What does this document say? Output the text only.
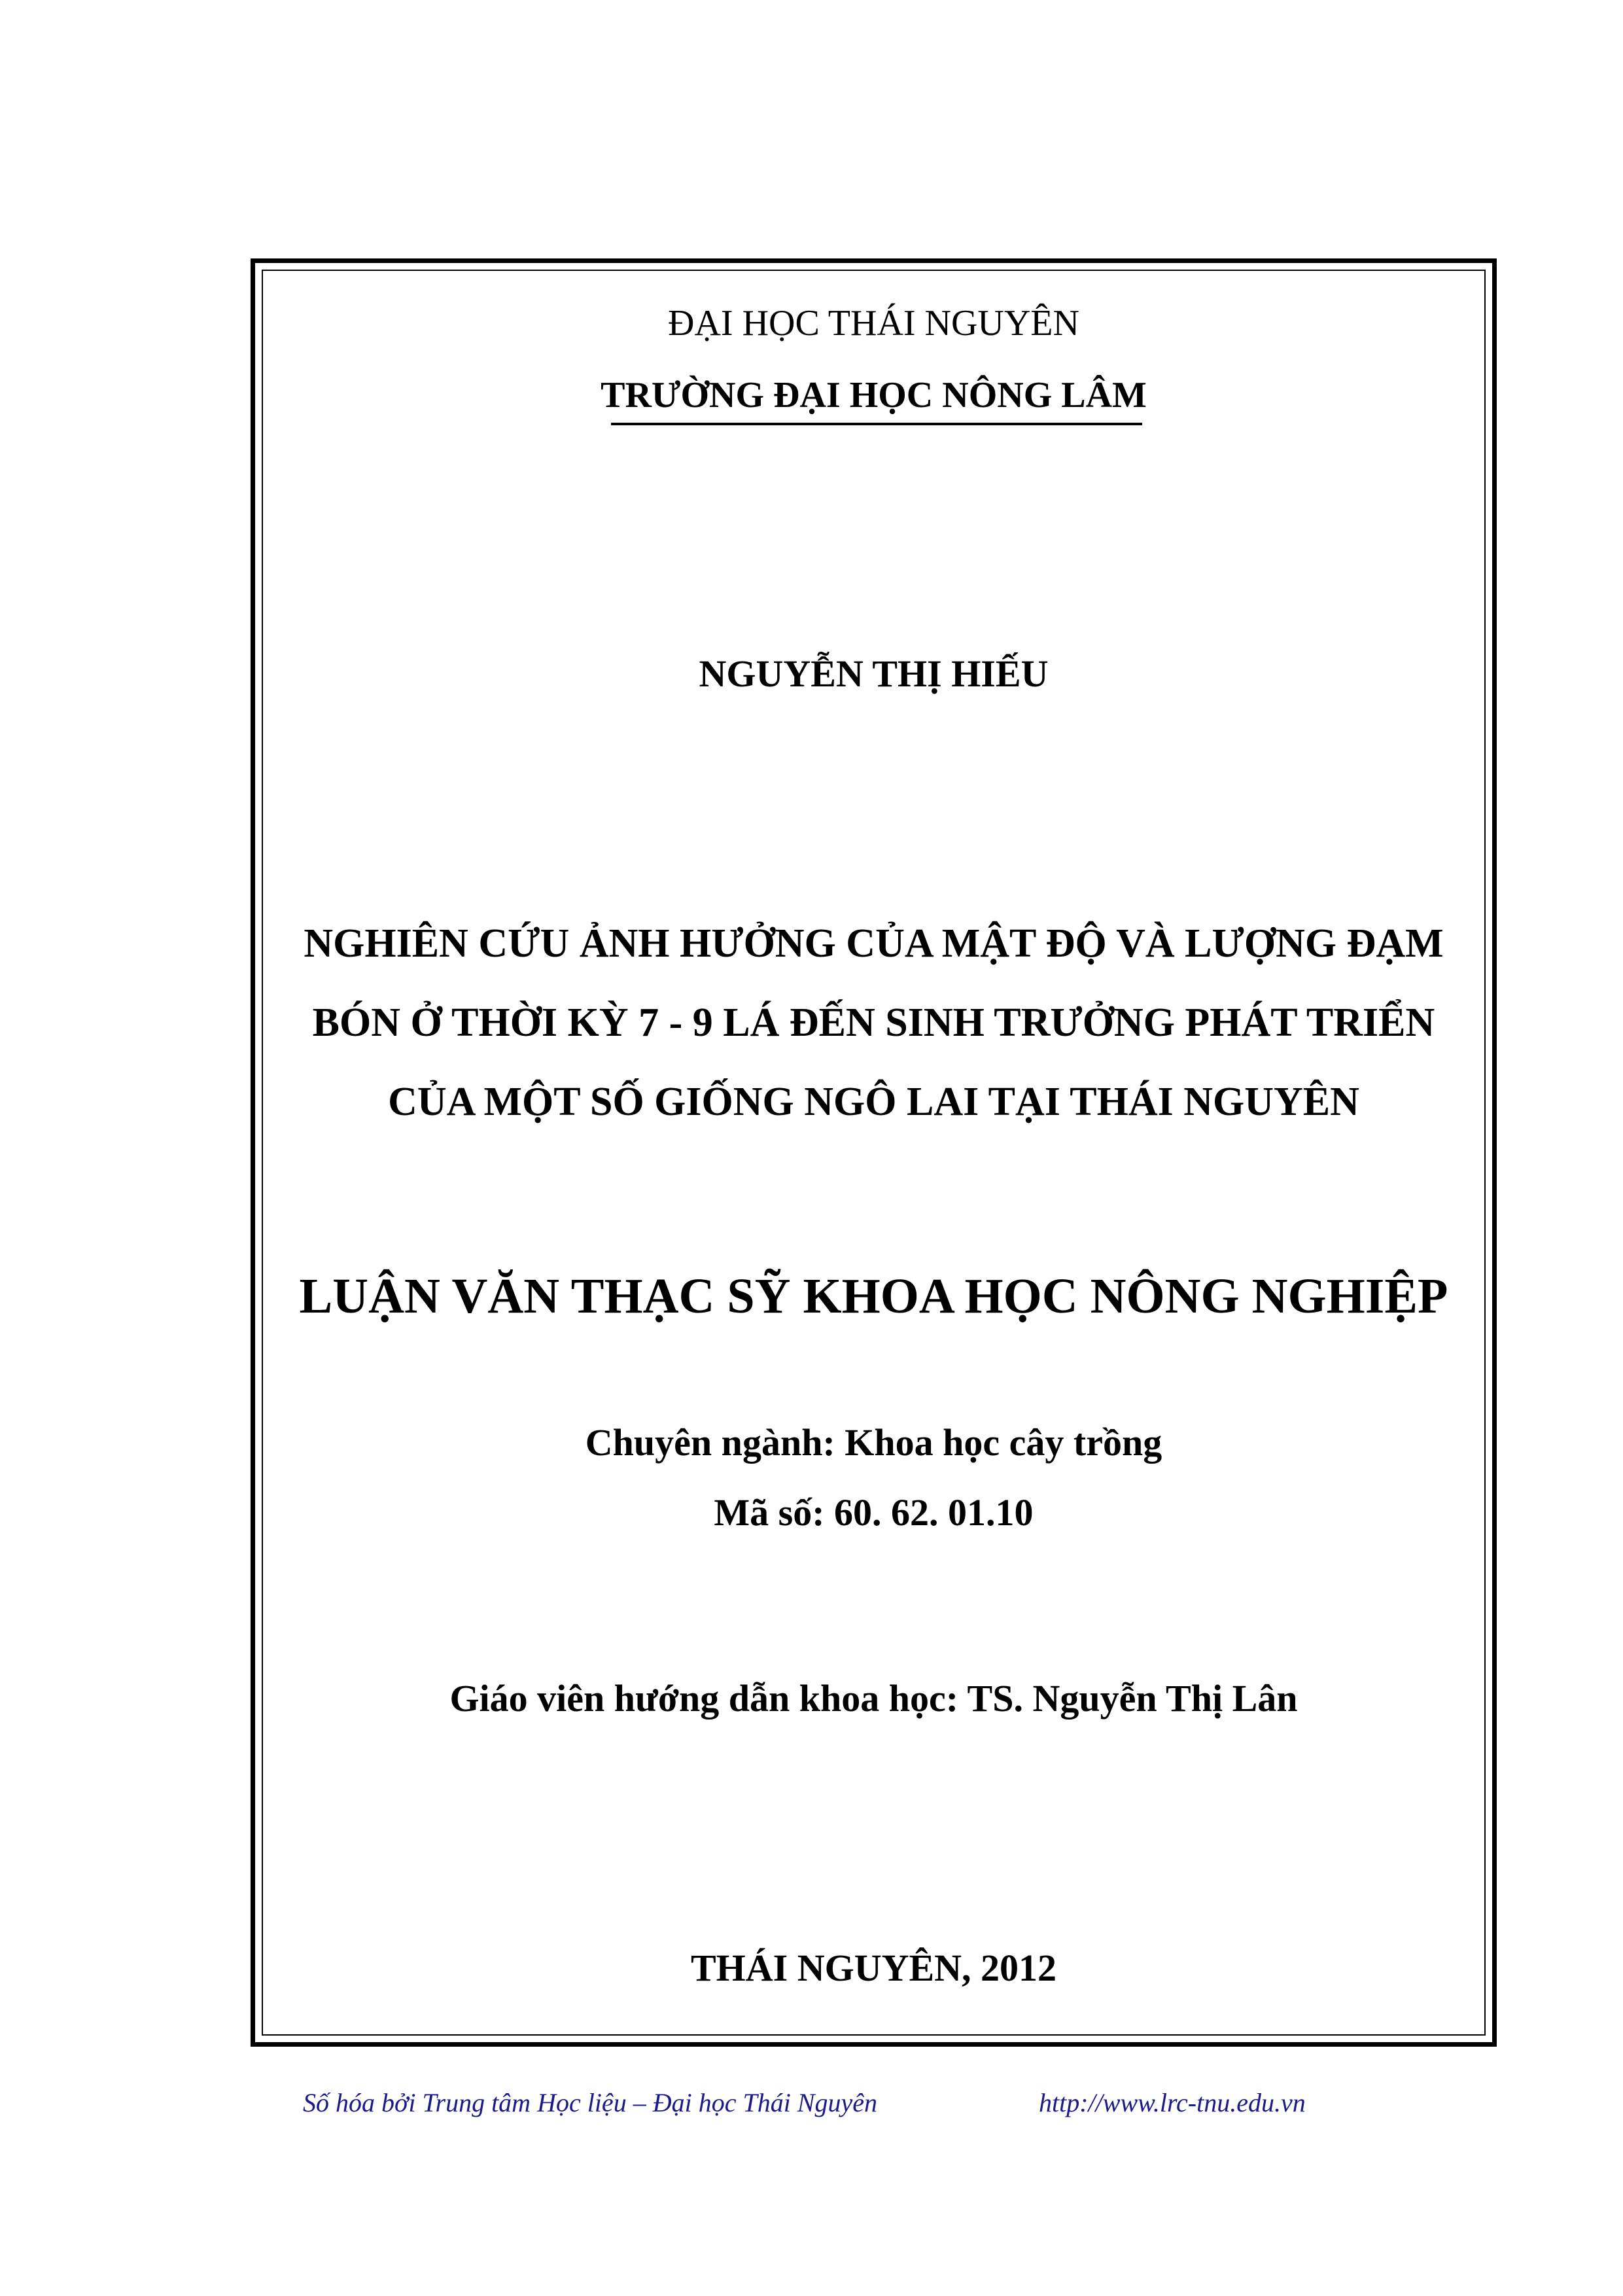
ĐẠI HỌC THÁI NGUYÊN
TRƯỜNG ĐẠI HỌC NÔNG LÂM
NGUYỄN THỊ HIẾU
NGHIÊN CỨU ẢNH HƯỞNG CỦA MẬT ĐỘ VÀ LƯỢNG ĐẠM
BÓN Ở THỜI KỲ 7 - 9 LÁ ĐẾN SINH TRƯỞNG PHÁT TRIỂN
CỦA MỘT SỐ GIỐNG NGÔ LAI TẠI THÁI NGUYÊN
LUẬN VĂN THẠC SỸ KHOA HỌC NÔNG NGHIỆP
Chuyên ngành: Khoa học cây trồng
Mã số: 60. 62. 01.10
Giáo viên hướng dẫn khoa học: TS. Nguyễn Thị Lân
THÁI NGUYÊN, 2012
Số hóa bởi Trung tâm Học liệu – Đại học Thái Nguyên	http://www.lrc-tnu.edu.vn
